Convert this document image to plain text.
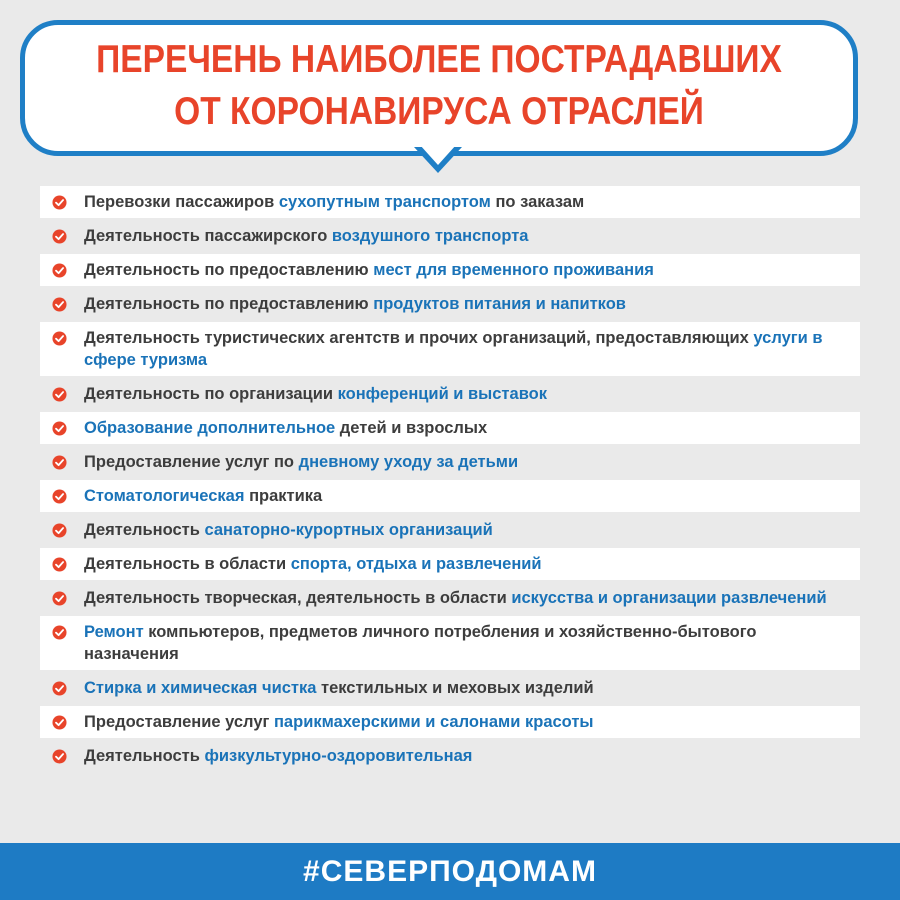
ПЕРЕЧЕНЬ НАИБОЛЕЕ ПОСТРАДАВШИХ
ОТ КОРОНАВИРУСА ОТРАСЛЕЙ
Перевозки пассажиров сухопутным транспортом по заказам
Деятельность пассажирского воздушного транспорта
Деятельность по предоставлению мест для временного проживания
Деятельность по предоставлению продуктов питания и напитков
Деятельность туристических агентств и прочих организаций, предоставляющих услуги в сфере туризма
Деятельность по организации конференций и выставок
Образование дополнительное детей и взрослых
Предоставление услуг по дневному уходу за детьми
Стоматологическая практика
Деятельность санаторно-курортных организаций
Деятельность в области спорта, отдыха и развлечений
Деятельность творческая, деятельность в области искусства и организации развлечений
Ремонт компьютеров, предметов личного потребления и хозяйственно-бытового назначения
Стирка и химическая чистка текстильных и меховых изделий
Предоставление услуг парикмахерскими и салонами красоты
Деятельность физкультурно-оздоровительная
#СЕВЕРПОДОМАМ
